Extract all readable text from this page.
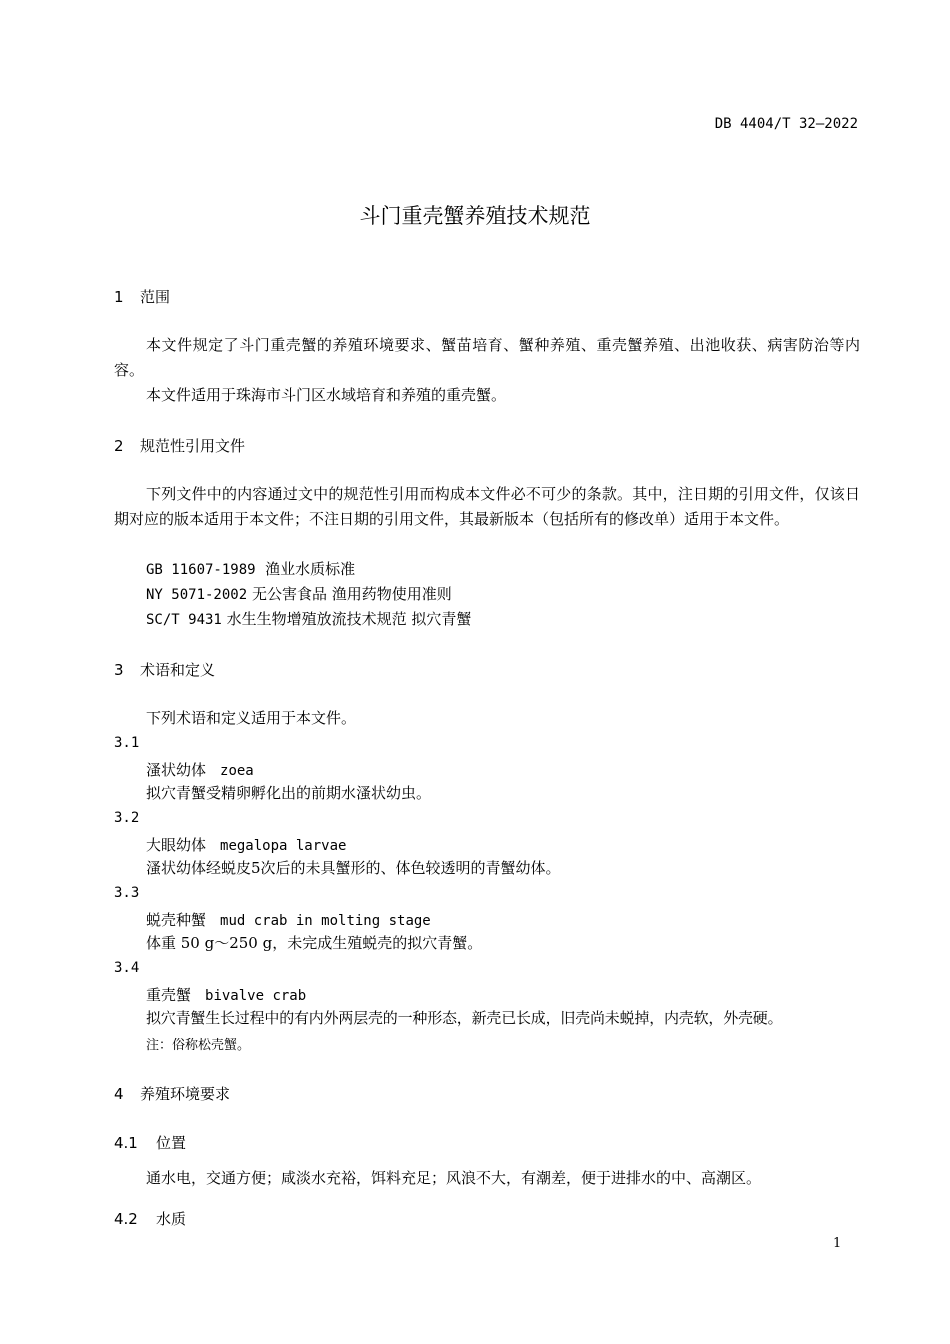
DB 4404/T 32—2022
斗门重壳蟹养殖技术规范
1 范围
本文件规定了斗门重壳蟹的养殖环境要求、蟹苗培育、蟹种养殖、重壳蟹养殖、出池收获、病害防治等内容。
本文件适用于珠海市斗门区水域培育和养殖的重壳蟹。
2 规范性引用文件
下列文件中的内容通过文中的规范性引用而构成本文件必不可少的条款。其中，注日期的引用文件，仅该日期对应的版本适用于本文件；不注日期的引用文件，其最新版本（包括所有的修改单）适用于本文件。
GB 11607-1989 渔业水质标准
NY 5071-2002 无公害食品 渔用药物使用准则
SC/T 9431 水生生物增殖放流技术规范 拟穴青蟹
3 术语和定义
下列术语和定义适用于本文件。
3.1
溞状幼体 zoea
拟穴青蟹受精卵孵化出的前期水溞状幼虫。
3.2
大眼幼体 megalopa larvae
溞状幼体经蜕皮5次后的未具蟹形的、体色较透明的青蟹幼体。
3.3
蜕壳种蟹 mud crab in molting stage
体重 50 g～250 g，未完成生殖蜕壳的拟穴青蟹。
3.4
重壳蟹 bivalve crab
拟穴青蟹生长过程中的有内外两层壳的一种形态，新壳已长成，旧壳尚未蜕掉，内壳软，外壳硬。
注：俗称松壳蟹。
4 养殖环境要求
4.1 位置
通水电，交通方便；咸淡水充裕，饵料充足；风浪不大，有潮差，便于进排水的中、高潮区。
4.2 水质
1
